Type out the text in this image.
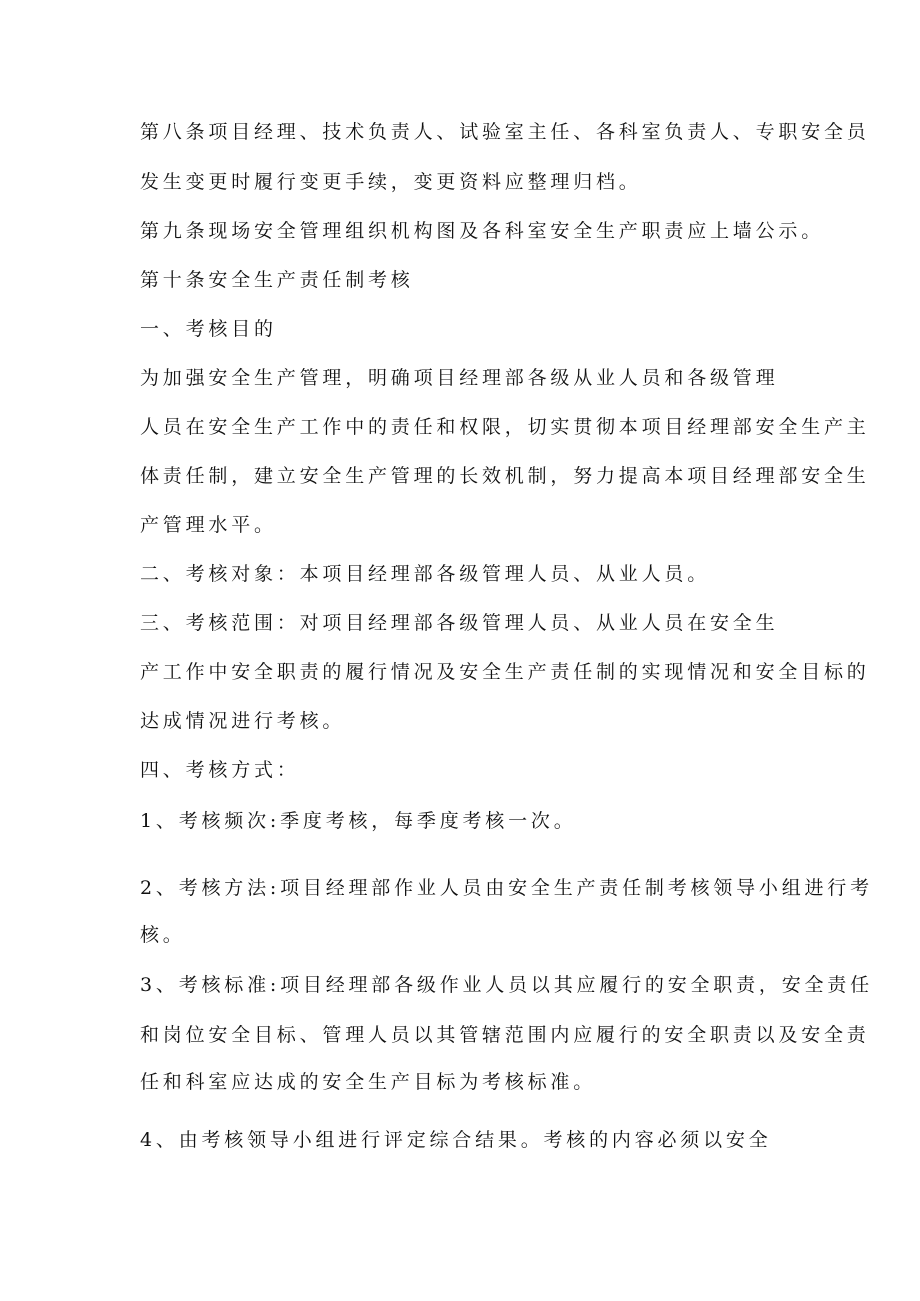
第八条项目经理、技术负责人、试验室主任、各科室负责人、专职安全员

发生变更时履行变更手续，变更资料应整理归档。

第九条现场安全管理组织机构图及各科室安全生产职责应上墙公示。

第十条安全生产责任制考核

一、考核目的

为加强安全生产管理，明确项目经理部各级从业人员和各级管理

人员在安全生产工作中的责任和权限，切实贯彻本项目经理部安全生产主

体责任制，建立安全生产管理的长效机制，努力提高本项目经理部安全生

产管理水平。

二、考核对象：本项目经理部各级管理人员、从业人员。

三、考核范围：对项目经理部各级管理人员、从业人员在安全生

产工作中安全职责的履行情况及安全生产责任制的实现情况和安全目标的

达成情况进行考核。

四、考核方式：

1、考核频次:季度考核，每季度考核一次。

2、考核方法:项目经理部作业人员由安全生产责任制考核领导小组进行考

核。

3、考核标准:项目经理部各级作业人员以其应履行的安全职责，安全责任

和岗位安全目标、管理人员以其管辖范围内应履行的安全职责以及安全责

任和科室应达成的安全生产目标为考核标准。

4、由考核领导小组进行评定综合结果。考核的内容必须以安全
